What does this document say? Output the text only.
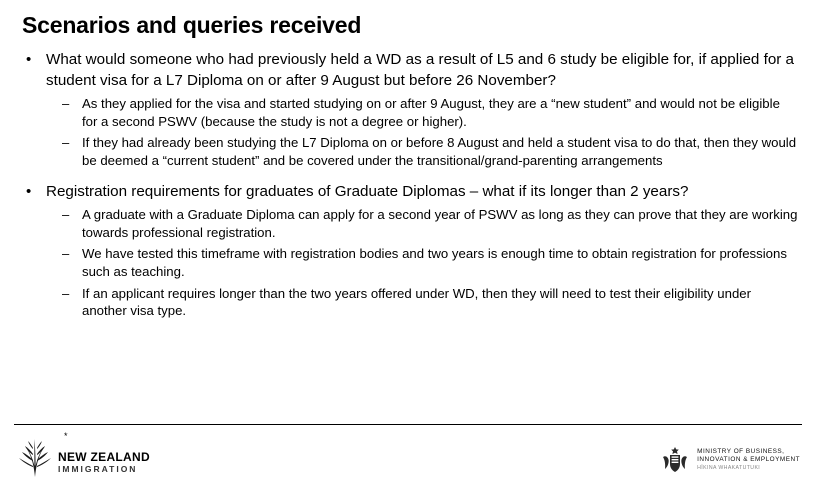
Scenarios and queries received
• What would someone who had previously held a WD as a result of L5 and 6 study be eligible for, if applied for a student visa for a L7 Diploma on or after 9 August but before 26 November?
– As they applied for the visa and started studying on or after 9 August, they are a “new student” and would not be eligible for a second PSWV (because the study is not a degree or higher).
– If they had already been studying the L7 Diploma on or before 8 August and held a student visa to do that, then they would be deemed a “current student” and be covered under the transitional/grand-parenting arrangements
• Registration requirements for graduates of Graduate Diplomas – what if its longer than 2 years?
– A graduate with a Graduate Diploma can apply for a second year of PSWV as long as they can prove that they are working towards professional registration.
– We have tested this timeframe with registration bodies and two years is enough time to obtain registration for professions such as teaching.
– If an applicant requires longer than the two years offered under WD, then they will need to test their eligibility under another visa type.
*
NEW ZEALAND
IMMIGRATION
MINISTRY OF BUSINESS,
INNOVATION & EMPLOYMENT
HĪKINA WHAKATUTUKI
